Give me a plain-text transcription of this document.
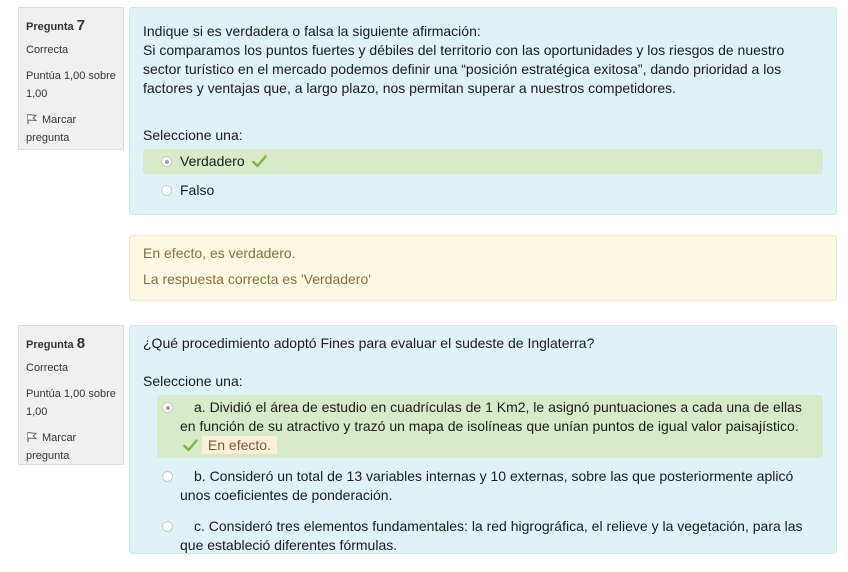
Pregunta 7
Correcta
Puntúa 1,00 sobre 1,00
Marcar pregunta

Indique si es verdadera o falsa la siguiente afirmación:

Si comparamos los puntos fuertes y débiles del territorio con las oportunidades y los riesgos de nuestro sector turístico en el mercado podemos definir una “posición estratégica exitosa”, dando prioridad a los factores y ventajas que, a largo plazo, nos permitan superar a nuestros competidores.

Seleccione una:
Verdadero
Falso
En efecto, es verdadero.
La respuesta correcta es 'Verdadero'
Pregunta 8
Correcta
Puntúa 1,00 sobre 1,00
Marcar pregunta

¿Qué procedimiento adoptó Fines para evaluar el sudeste de Inglaterra?

Seleccione una:
a. Dividió el área de estudio en cuadrículas de 1 Km2, le asignó puntuaciones a cada una de ellas en función de su atractivo y trazó un mapa de isolíneas que unían puntos de igual valor paisajístico.  En efecto.
b. Consideró un total de 13 variables internas y 10 externas, sobre las que posteriormente aplicó unos coeficientes de ponderación.
c. Consideró tres elementos fundamentales: la red higrográfica, el relieve y la vegetación, para las que estableció diferentes fórmulas.
